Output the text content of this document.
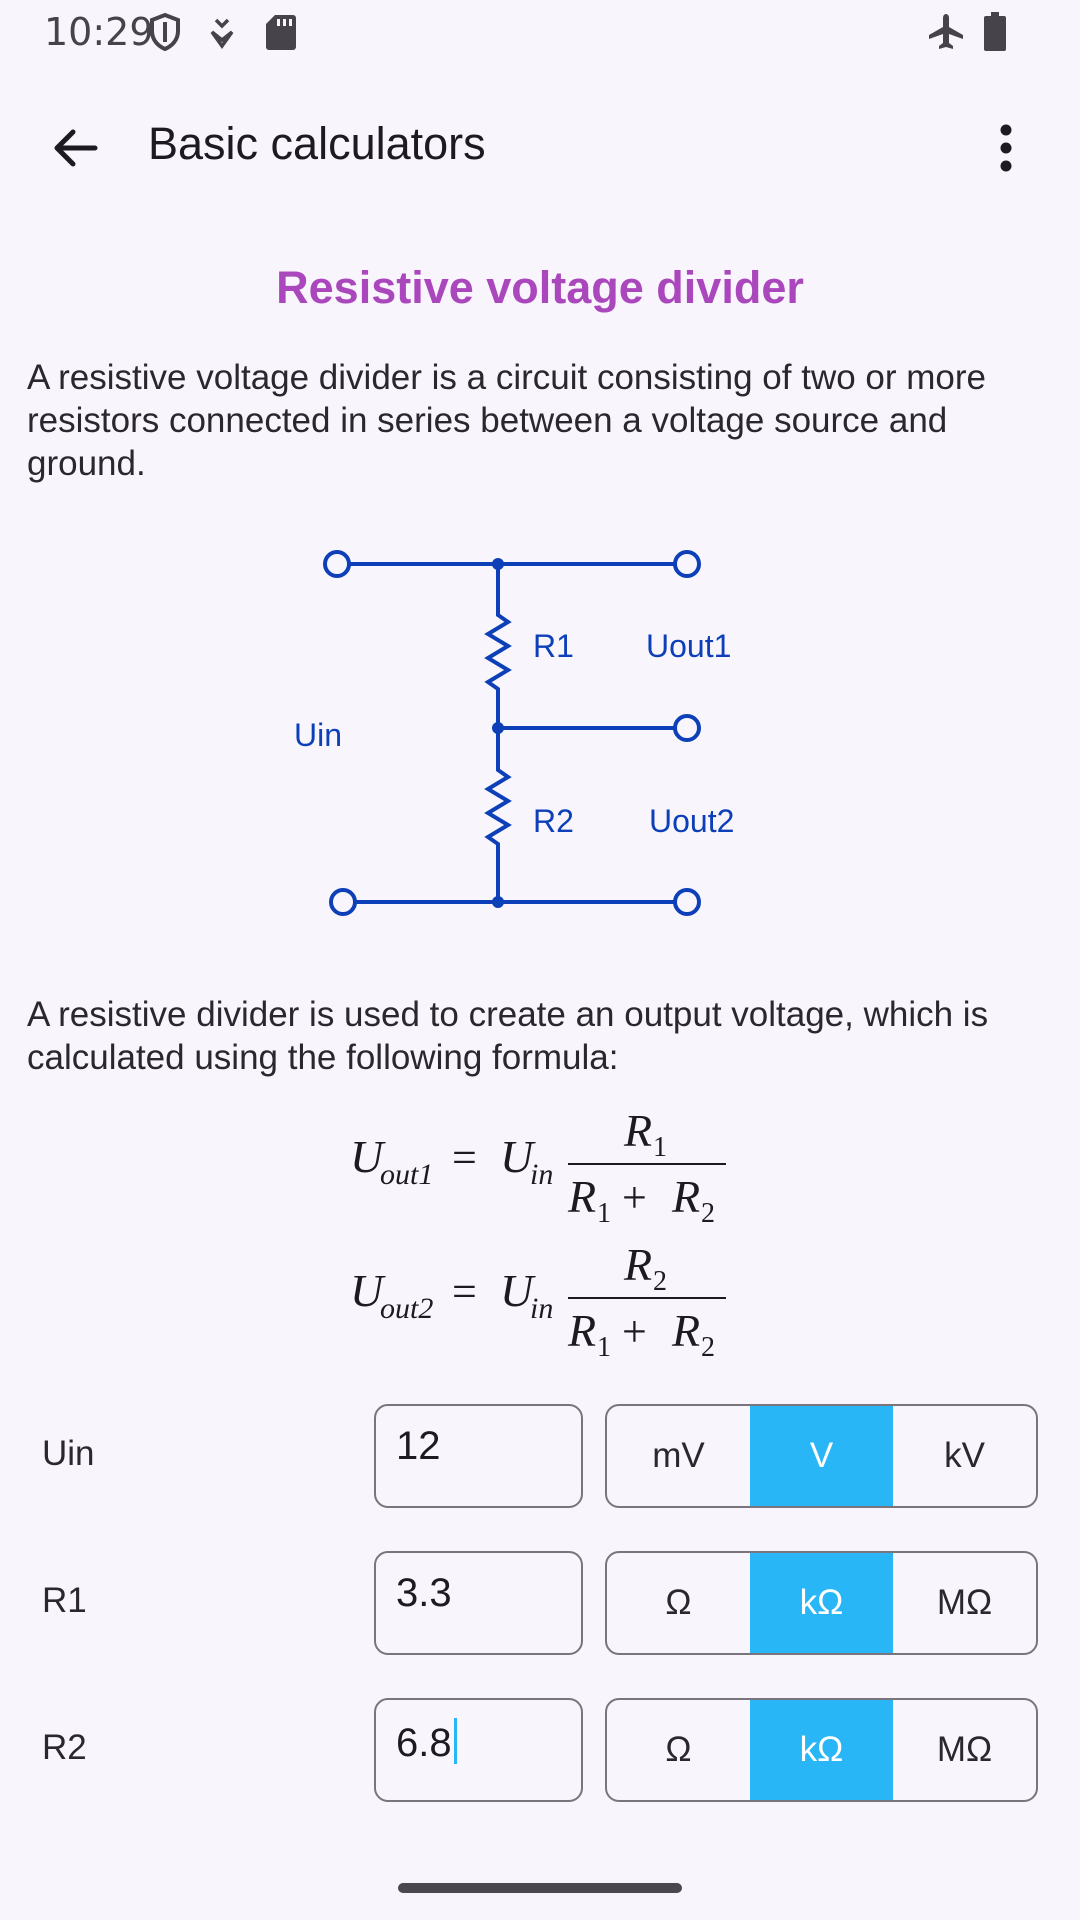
10:29
Basic calculators
Resistive voltage divider
A resistive voltage divider is a circuit consisting of two or more resistors connected in series between a voltage source and ground.
R1 Uout1
Uin
R2 Uout2
A resistive divider is used to create an output voltage, which is calculated using the following formula:
U
out1 = U
in
R 1
R 1 + R 2
U
out2 = U
in
R 2
R 1 + R 2
Uin	12	mV	V	kV
R1	3.3	Ω	kΩ	MΩ
R2	6.8	Ω	kΩ	MΩ
